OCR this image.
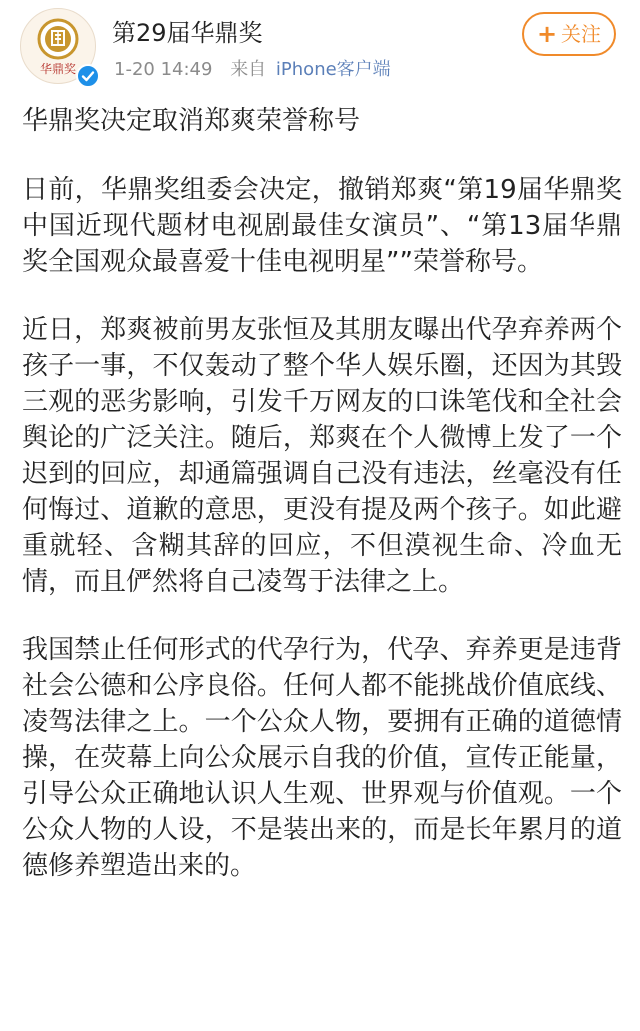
华鼎奖
第29届华鼎奖
1-20 14:49 来自 iPhone客户端
+ 关注
华鼎奖决定取消郑爽荣誉称号
日前，华鼎奖组委会决定，撤销郑爽“第19届华鼎奖中国近现代题材电视剧最佳女演员”、“第13届华鼎奖全国观众最喜爱十佳电视明星””荣誉称号。
近日，郑爽被前男友张恒及其朋友曝出代孕弃养两个孩子一事，不仅轰动了整个华人娱乐圈，还因为其毁三观的恶劣影响，引发千万网友的口诛笔伐和全社会舆论的广泛关注。随后，郑爽在个人微博上发了一个迟到的回应，却通篇强调自己没有违法，丝毫没有任何悔过、道歉的意思，更没有提及两个孩子。如此避重就轻、含糊其辞的回应，不但漠视生命、冷血无情，而且俨然将自己凌驾于法律之上。
我国禁止任何形式的代孕行为，代孕、弃养更是违背社会公德和公序良俗。任何人都不能挑战价值底线、凌驾法律之上。一个公众人物，要拥有正确的道德情操，在荧幕上向公众展示自我的价值，宣传正能量，引导公众正确地认识人生观、世界观与价值观。一个公众人物的人设，不是装出来的，而是长年累月的道德修养塑造出来的。
